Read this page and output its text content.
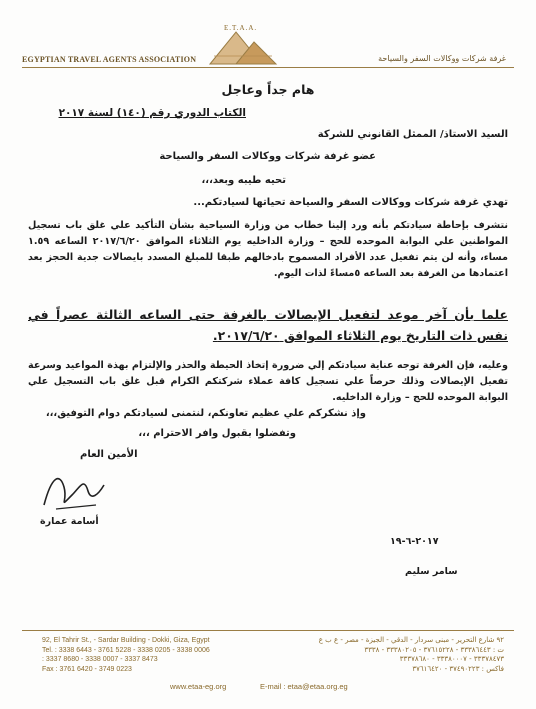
E.T.A.A.
EGYPTIAN TRAVEL AGENTS ASSOCIATION	غرفة شركات ووكالات السفر والسياحة
هام جداً وعاجل
الكتاب الدوري رقم (١٤٠) لسنة ٢٠١٧
السيد الاستاذ/ الممثل القانوني للشركة
عضو غرفة شركات ووكالات السفر والسياحة
تحيه طيبه وبعد،،،
تهدي غرفة شركات ووكالات السفر والسياحة تحياتها لسيادتكم...
نتشرف بإحاطة سيادتكم بأنه ورد إلينا خطاب من وزارة السياحية بشأن التأكيد علي غلق باب تسجيل المواطنين علي البوابة الموحده للحج – وزارة الداخليه يوم الثلاثاء الموافق ٢٠١٧/٦/٢٠ الساعه ١.٥٩ مساء، وأنه لن يتم تفعيل عدد الأفراد المسموح بادخالهم طبقا للمبلغ المسدد بايصالات جدية الحجز بعد اعتمادها من الغرفة بعد الساعه ٥مساءً لذات اليوم.
علما بأن آخر موعد لتفعيل الإيصالات بالغرفة حتى الساعه الثالثة عصراً في نفس ذات التاريخ يوم الثلاثاء الموافق ٢٠١٧/٦/٢٠.
وعليه، فإن الغرفة توجه عناية سيادتكم إلي ضرورة إتخاذ الحيطة والحذر والإلتزام بهذة المواعيد وسرعة تفعيل الإيصالات وذلك حرصاً علي تسجيل كافة عملاء شركتكم الكرام قبل غلق باب التسجيل علي البوابة الموحده للحج – وزارة الداخليه.
وإذ نشكركم علي عظيم تعاونكم، لنتمنى لسيادتكم دوام التوفيق،،،
وتفضلوا بقبول وافر الاحترام ،،،
الأمين العام
أسامة عمارة
٢٠١٧-٦-١٩
سامر سليم
92, El Tahrir St., - Sardar Building - Dokki, Giza, Egypt
Tel. : 3338 6443 - 3761 5228 - 3338 0205 - 3338 0006
: 3337 8680 - 3338 0007 - 3337 8473
Fax : 3761 6420 - 3749 0223
٩٢ شارع التحرير - مبنى سردار - الدقي - الجيزة - مصر - ع ب ع
ت : ٣٣٣٨٦٤٤٣ - ٣٧٦١٥٢٢٨ - ٣٣٣٨٠٢٠٥ - ٣٣٣٨
٣٣٣٧٨٤٧٣ - ٣٣٣٨٠٠٠٧ - ٣٣٣٧٨٦٨٠
فاكس : ٣٧٤٩٠٢٢٣ - ٣٧٦١٦٤٢٠
www.etaa-eg.org	E-mail : etaa@etaa.org.eg
